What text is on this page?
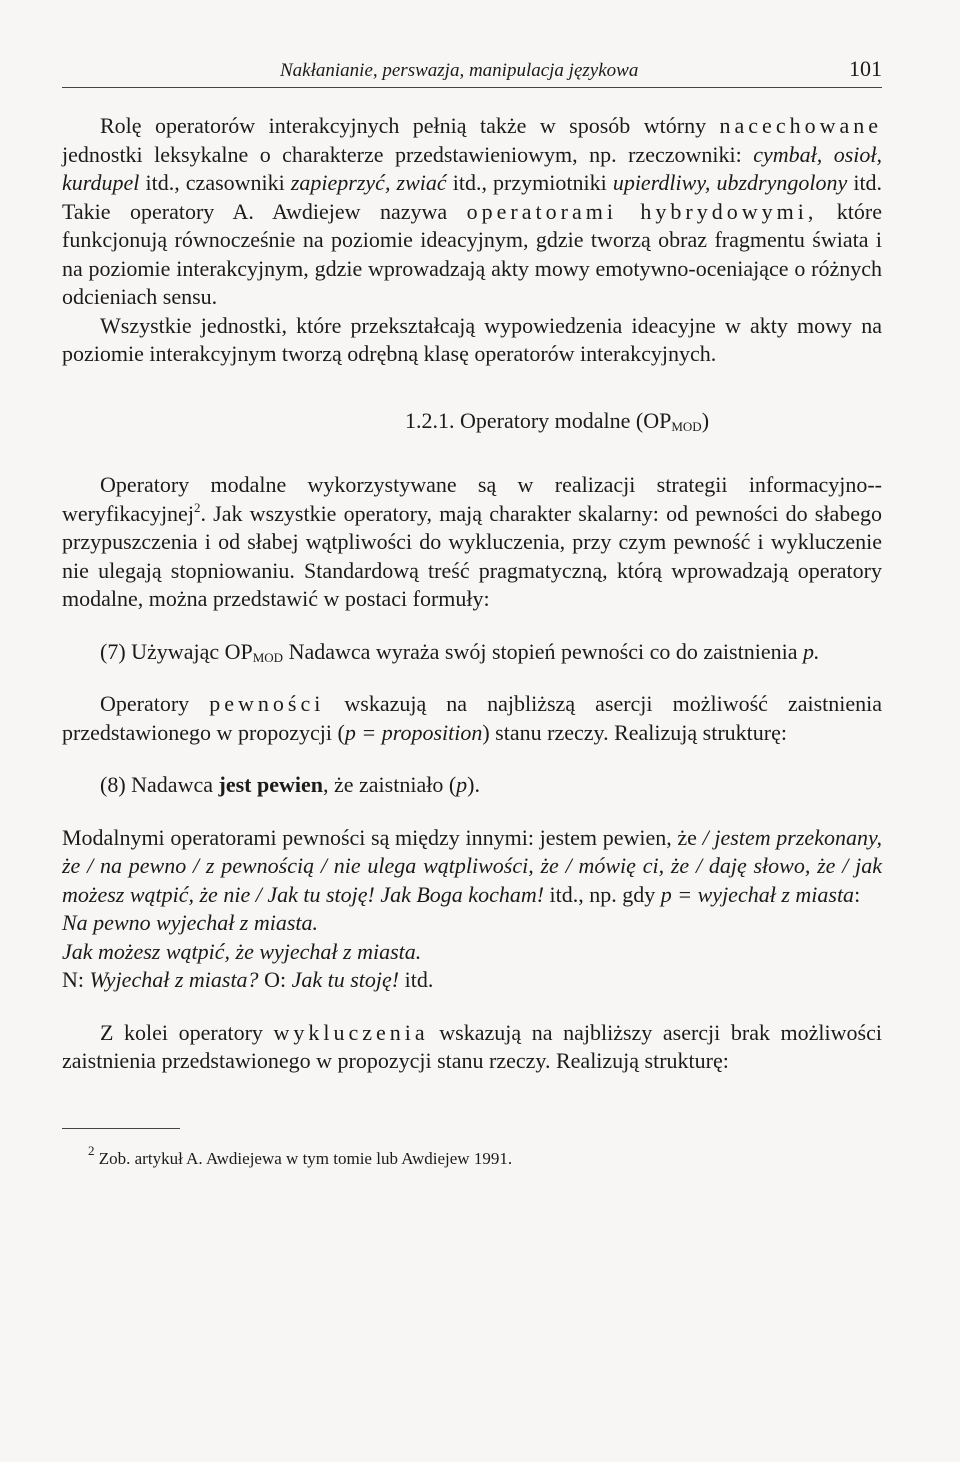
Nakłanianie, perswazja, manipulacja językowa	101

Rolę operatorów interakcyjnych pełnią także w sposób wtórny nacechowane jednostki leksykalne o charakterze przedstawieniowym, np. rzeczowniki: cymbał, osioł, kurdupel itd., czasowniki zapieprzyć, zwiać itd., przymiotniki upierdliwy, ubzdryngolony itd. Takie operatory A. Awdiejew nazywa operatorami hybrydowymi, które funkcjonują równocześnie na poziomie ideacyjnym, gdzie tworzą obraz fragmentu świata i na poziomie interakcyjnym, gdzie wprowadzają akty mowy emotywno-oceniające o różnych odcieniach sensu.

Wszystkie jednostki, które przekształcają wypowiedzenia ideacyjne w akty mowy na poziomie interakcyjnym tworzą odrębną klasę operatorów interakcyjnych.

1.2.1. Operatory modalne $(OP_{MOD})$

Operatory modalne wykorzystywane są w realizacji strategii informacyjno--weryfikacyjnej$^2$. Jak wszystkie operatory, mają charakter skalarny: od pewności do słabego przypuszczenia i od słabej wątpliwości do wykluczenia, przy czym pewność i wykluczenie nie ulegają stopniowaniu. Standardową treść pragmatyczną, którą wprowadzają operatory modalne, można przedstawić w postaci formuły:

(7) Używając $OP_{MOD}$ Nadawca wyraża swój stopień pewności co do zaistnienia p.

Operatory pewności wskazują na najbliższą asercji możliwość zaistnienia przedstawionego w propozycji (p = proposition) stanu rzeczy. Realizują strukturę:

(8) Nadawca jest pewien, że zaistniało (p).

Modalnymi operatorami pewności są między innymi: jestem pewien, że / jestem przekonany, że / na pewno / z pewnością / nie ulega wątpliwości, że / mówię ci, że / daję słowo, że / jak możesz wątpić, że nie / Jak tu stoję! Jak Boga kocham! itd., np. gdy p = wyjechał z miasta:

Na pewno wyjechał z miasta.

Jak możesz wątpić, że wyjechał z miasta.

N: Wyjechał z miasta? O: Jak tu stoję! itd.

Z kolei operatory wykluczenia wskazują na najbliższy asercji brak możliwości zaistnienia przedstawionego w propozycji stanu rzeczy. Realizują strukturę:

$^2$ Zob. artykuł A. Awdiejewa w tym tomie lub Awdiejew 1991.
